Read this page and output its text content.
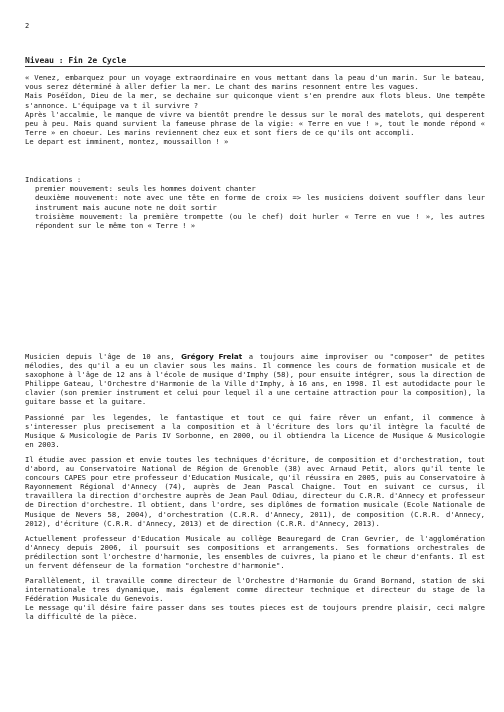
2
Niveau : Fin 2e Cycle

« Venez, embarquez pour un voyage extraordinaire en vous mettant dans la peau d'un marin. Sur le bateau, vous serez déterminé à aller defier la mer. Le chant des marins resonnent entre les vagues.

Mais Poséïdon, Dieu de la mer, se dechaine sur quiconque vient s'en prendre aux flots bleus. Une tempête s'annonce. L'équipage va t il survivre ?

Après l'accalmie, le manque de vivre va bientôt prendre le dessus sur le moral des matelots, qui desperent peu à peu. Mais quand survient la fameuse phrase de la vigie: « Terre en vue ! », tout le monde répond « Terre » en choeur. Les marins reviennent chez eux et sont fiers de ce qu'ils ont accompli.

Le depart est imminent, montez, moussaillon ! »

Indications :

premier mouvement: seuls les hommes doivent chanter

deuxième mouvement: note avec une tête en forme de croix => les musiciens doivent souffler dans leur instrument mais aucune note ne doit sortir

troisième mouvement: la première trompette (ou le chef) doit hurler « Terre en vue ! », les autres répondent sur le même ton « Terre ! »

Musicien depuis l'âge de 10 ans, Grégory Frelat a toujours aime improviser ou "composer" de petites mélodies, des qu'il a eu un clavier sous les mains. Il commence les cours de formation musicale et de saxophone à l'âge de 12 ans à l'école de musique d'Imphy (58), pour ensuite intégrer, sous la direction de Philippe Gateau, l'Orchestre d'Harmonie de la Ville d'Imphy, à 16 ans, en 1998. Il est autodidacte pour le clavier (son premier instrument et celui pour lequel il a une certaine attraction pour la composition), la guitare basse et la guitare.

Passionné par les legendes, le fantastique et tout ce qui faire rêver un enfant, il commence à s'interesser plus precisement a la composition et à l'écriture des lors qu'il intègre la faculté de Musique & Musicologie de Paris IV Sorbonne, en 2000, ou il obtiendra la Licence de Musique & Musicologie en 2003.

Il étudie avec passion et envie toutes les techniques d'écriture, de composition et d'orchestration, tout d'abord, au Conservatoire National de Région de Grenoble (38) avec Arnaud Petit, alors qu'il tente le concours CAPES pour etre professeur d'Education Musicale, qu'il réussira en 2005, puis au Conservatoire à Rayonnement Régional d'Annecy (74), auprès de Jean Pascal Chaigne. Tout en suivant ce cursus, il travaillera la direction d'orchestre auprès de Jean Paul Odiau, directeur du C.R.R. d'Annecy et professeur de Direction d'orchestre. Il obtient, dans l'ordre, ses diplômes de formation musicale (Ecole Nationale de Musique de Nevers 58, 2004), d'orchestration (C.R.R. d'Annecy, 2011), de composition (C.R.R. d'Annecy, 2012), d'écriture (C.R.R. d'Annecy, 2013) et de direction (C.R.R. d'Annecy, 2013).

Actuellement professeur d'Education Musicale au collège Beauregard de Cran Gevrier, de l'agglomération d'Annecy depuis 2006, il poursuit ses compositions et arrangements. Ses formations orchestrales de prédilection sont l'orchestre d'harmonie, les ensembles de cuivres, la piano et le chœur d'enfants. Il est un fervent défenseur de la formation "orchestre d'harmonie".

Parallèlement, il travaille comme directeur de l'Orchestre d'Harmonie du Grand Bornand, station de ski internationale tres dynamique, mais également comme directeur technique et directeur du stage de la Fédération Musicale du Genevois.

Le message qu'il désire faire passer dans ses toutes pieces est de toujours prendre plaisir, ceci malgre la difficulté de la pièce.
